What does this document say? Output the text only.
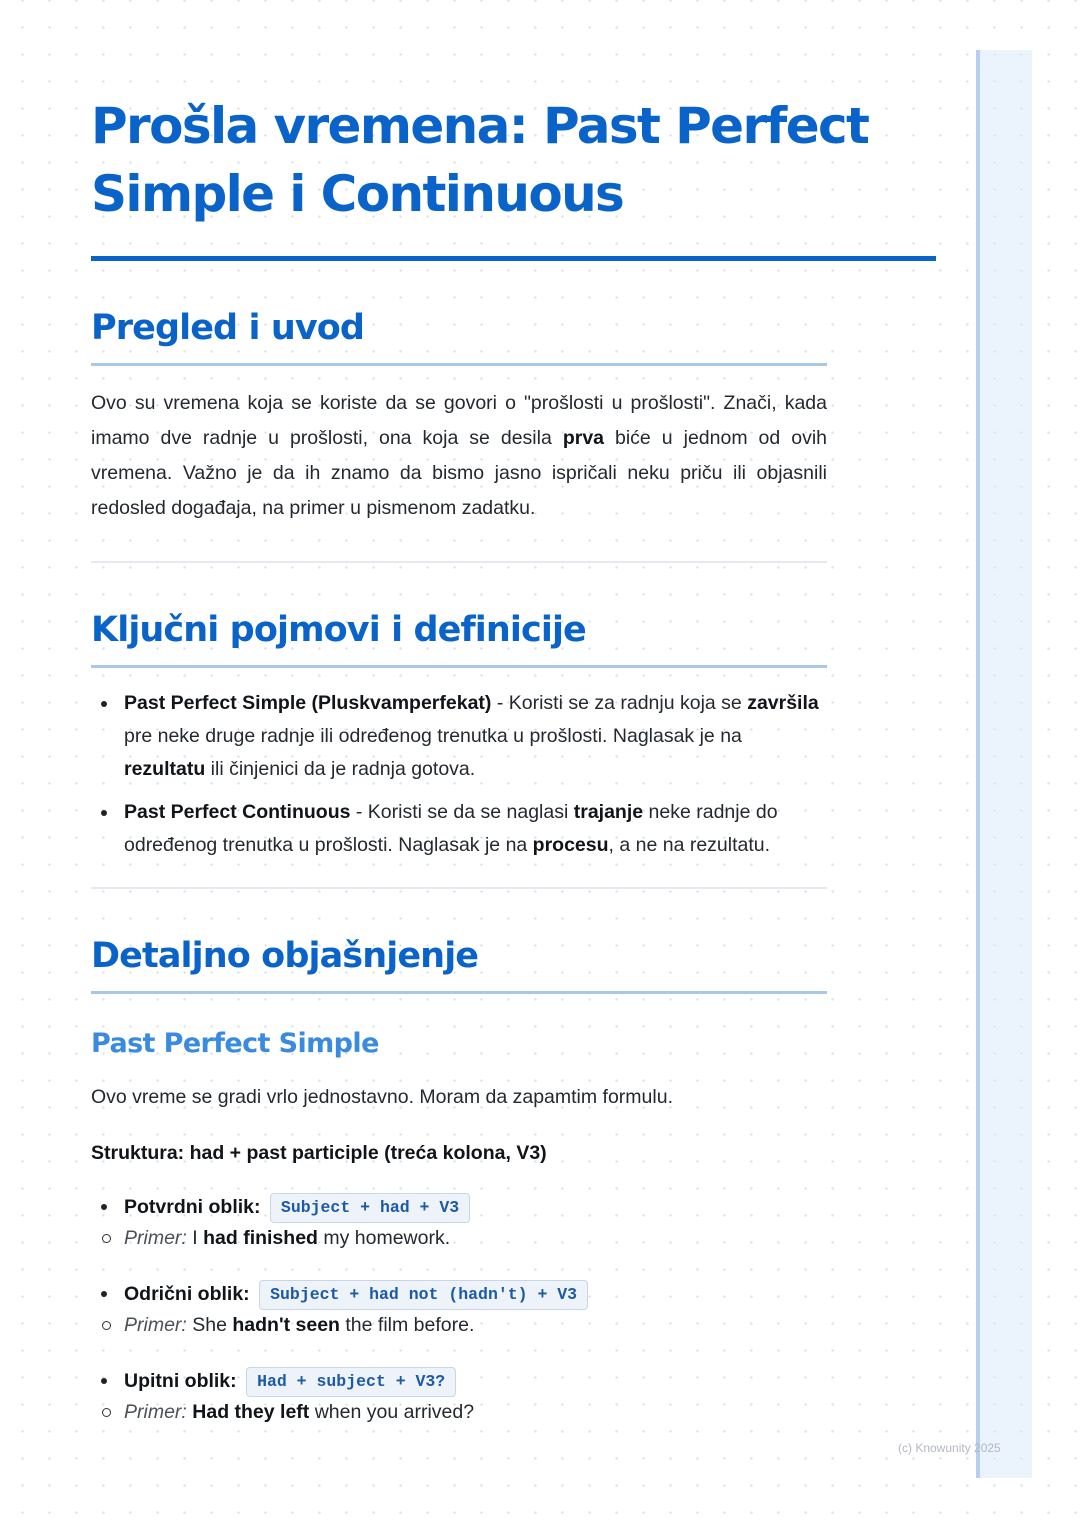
Prošla vremena: Past Perfect
Simple i Continuous
Pregled i uvod

Ovo su vremena koja se koriste da se govori o "prošlosti u prošlosti". Znači, kada imamo dve radnje u prošlosti, ona koja se desila prva biće u jednom od ovih vremena. Važno je da ih znamo da bismo jasno ispričali neku priču ili objasnili redosled događaja, na primer u pismenom zadatku.

Ključni pojmovi i definicije
Past Perfect Simple (Pluskvamperfekat) - Koristi se za radnju koja se završila pre neke druge radnje ili određenog trenutka u prošlosti. Naglasak je na rezultatu ili činjenici da je radnja gotova.
Past Perfect Continuous - Koristi se da se naglasi trajanje neke radnje do određenog trenutka u prošlosti. Naglasak je na procesu, a ne na rezultatu.
Detaljno objašnjenje
Past Perfect Simple

Ovo vreme se gradi vrlo jednostavno. Moram da zapamtim formulu.

Struktura: had + past participle (treća kolona, V3)

Potvrdni oblik: Subject + had + V3
Primer: I had finished my homework.
Odrični oblik: Subject + had not (hadn't) + V3
Primer: She hadn't seen the film before.
Upitni oblik: Had + subject + V3?
Primer: Had they left when you arrived?
(c) Knowunity 2025
